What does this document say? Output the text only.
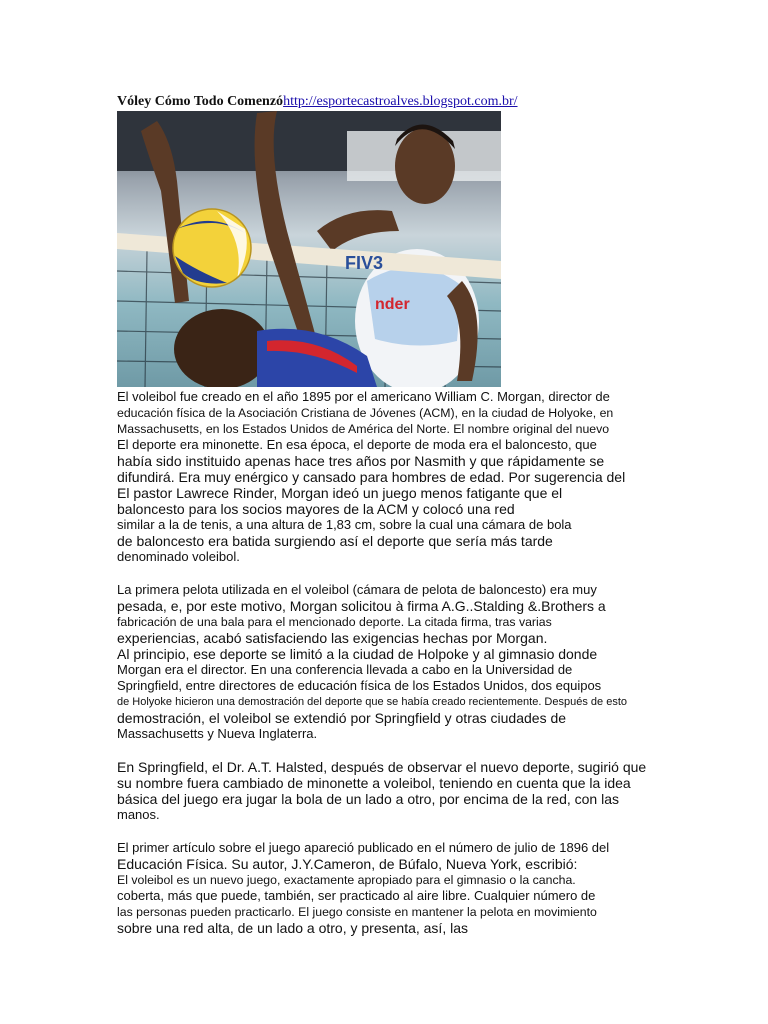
Vóley Cómo Todo Comenzóhttp://esportecastroalves.blogspot.com.br/
FIV3
nder
El voleibol fue creado en el año 1895 por el americano William C. Morgan, director de
educación física de la Asociación Cristiana de Jóvenes (ACM), en la ciudad de Holyoke, en
Massachusetts, en los Estados Unidos de América del Norte. El nombre original del nuevo
El deporte era minonette. En esa época, el deporte de moda era el baloncesto, que
había sido instituido apenas hace tres años por Nasmith y que rápidamente se
difundirá. Era muy enérgico y cansado para hombres de edad. Por sugerencia del
El pastor Lawrece Rinder, Morgan ideó un juego menos fatigante que el
baloncesto para los socios mayores de la ACM y colocó una red
similar a la de tenis, a una altura de 1,83 cm, sobre la cual una cámara de bola
de baloncesto era batida surgiendo así el deporte que sería más tarde
denominado voleibol.
La primera pelota utilizada en el voleibol (cámara de pelota de baloncesto) era muy
pesada, e, por este motivo, Morgan solicitou à firma A.G..Stalding &.Brothers a
fabricación de una bala para el mencionado deporte. La citada firma, tras varias
experiencias, acabó satisfaciendo las exigencias hechas por Morgan.
Al principio, ese deporte se limitó a la ciudad de Holpoke y al gimnasio donde
Morgan era el director. En una conferencia llevada a cabo en la Universidad de
Springfield, entre directores de educación física de los Estados Unidos, dos equipos
de Holyoke hicieron una demostración del deporte que se había creado recientemente. Después de esto
demostración, el voleibol se extendió por Springfield y otras ciudades de
Massachusetts y Nueva Inglaterra.
En Springfield, el Dr. A.T. Halsted, después de observar el nuevo deporte, sugirió que
su nombre fuera cambiado de minonette a voleibol, teniendo en cuenta que la idea
básica del juego era jugar la bola de un lado a otro, por encima de la red, con las
manos.
El primer artículo sobre el juego apareció publicado en el número de julio de 1896 del
Educación Física. Su autor, J.Y.Cameron, de Búfalo, Nueva York, escribió:
El voleibol es un nuevo juego, exactamente apropiado para el gimnasio o la cancha.
coberta, más que puede, también, ser practicado al aire libre. Cualquier número de
las personas pueden practicarlo. El juego consiste en mantener la pelota en movimiento
sobre una red alta, de un lado a otro, y presenta, así, las
